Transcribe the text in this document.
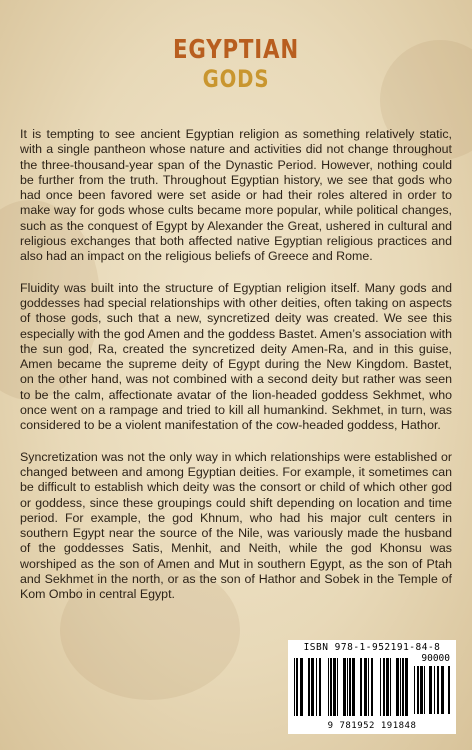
EGYPTIAN
GODS

It is tempting to see ancient Egyptian religion as something relatively static, with a single pantheon whose nature and activities did not change throughout the three-thousand-year span of the Dynastic Period. However, nothing could be further from the truth. Throughout Egyptian history, we see that gods who had once been favored were set aside or had their roles altered in order to make way for gods whose cults became more popular, while political changes, such as the conquest of Egypt by Alexander the Great, ushered in cultural and religious exchanges that both affected native Egyptian religious practices and also had an impact on the religious beliefs of Greece and Rome.

Fluidity was built into the structure of Egyptian religion itself. Many gods and goddesses had special relationships with other deities, often taking on aspects of those gods, such that a new, syncretized deity was created. We see this especially with the god Amen and the goddess Bastet. Amen’s association with the sun god, Ra, created the syncretized deity Amen-Ra, and in this guise, Amen became the supreme deity of Egypt during the New Kingdom. Bastet, on the other hand, was not combined with a second deity but rather was seen to be the calm, affectionate avatar of the lion-headed goddess Sekhmet, who once went on a rampage and tried to kill all humankind. Sekhmet, in turn, was considered to be a violent manifestation of the cow-headed goddess, Hathor.

Syncretization was not the only way in which relationships were established or changed between and among Egyptian deities. For example, it sometimes can be difficult to establish which deity was the consort or child of which other god or goddess, since these groupings could shift depending on location and time period. For example, the god Khnum, who had his major cult centers in southern Egypt near the source of the Nile, was variously made the husband of the goddesses Satis, Menhit, and Neith, while the god Khonsu was worshiped as the son of Amen and Mut in southern Egypt, as the son of Ptah and Sekhmet in the north, or as the son of Hathor and Sobek in the Temple of Kom Ombo in central Egypt.

ISBN 978-1-952191-84-8
90000
9 781952 191848
